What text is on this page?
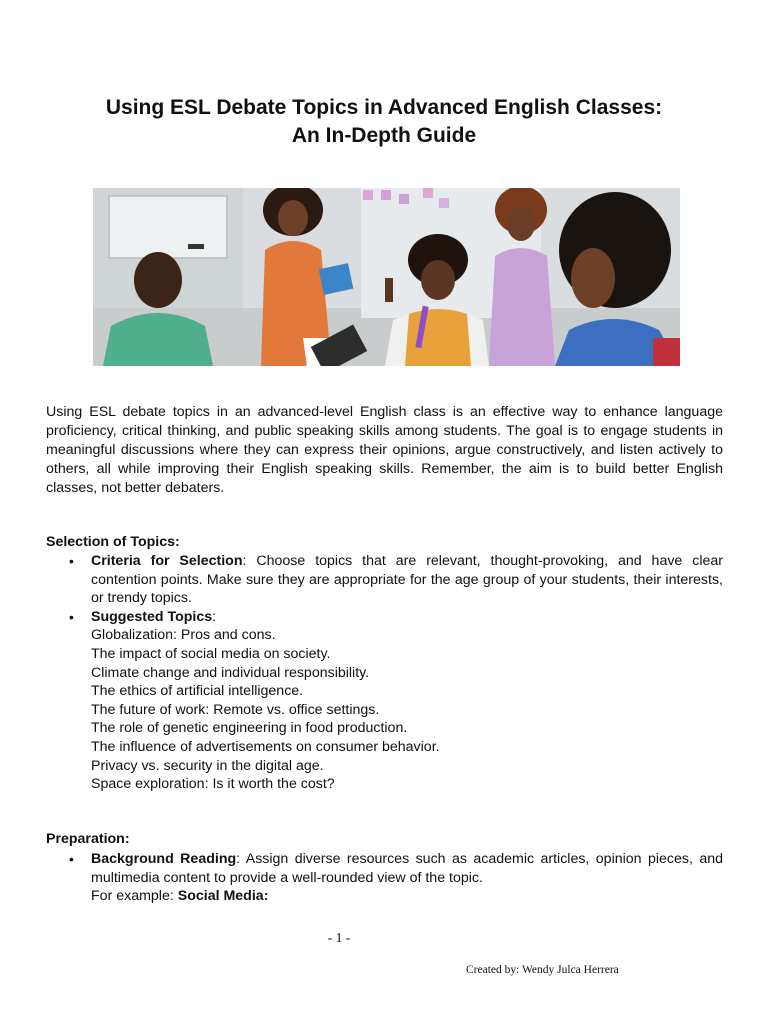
Using ESL Debate Topics in Advanced English Classes:
An In-Depth Guide
Using ESL debate topics in an advanced-level English class is an effective way to enhance language proficiency, critical thinking, and public speaking skills among students. The goal is to engage students in meaningful discussions where they can express their opinions, argue constructively, and listen actively to others, all while improving their English speaking skills. Remember, the aim is to build better English classes, not better debaters.
Selection of Topics:
• Criteria for Selection: Choose topics that are relevant, thought-provoking, and have clear contention points. Make sure they are appropriate for the age group of your students, their interests, or trendy topics.
• Suggested Topics:
Globalization: Pros and cons.
The impact of social media on society.
Climate change and individual responsibility.
The ethics of artificial intelligence.
The future of work: Remote vs. office settings.
The role of genetic engineering in food production.
The influence of advertisements on consumer behavior.
Privacy vs. security in the digital age.
Space exploration: Is it worth the cost?
Preparation:
• Background Reading: Assign diverse resources such as academic articles, opinion pieces, and multimedia content to provide a well-rounded view of the topic.
For example: Social Media:
- 1 -
Created by: Wendy Julca Herrera
